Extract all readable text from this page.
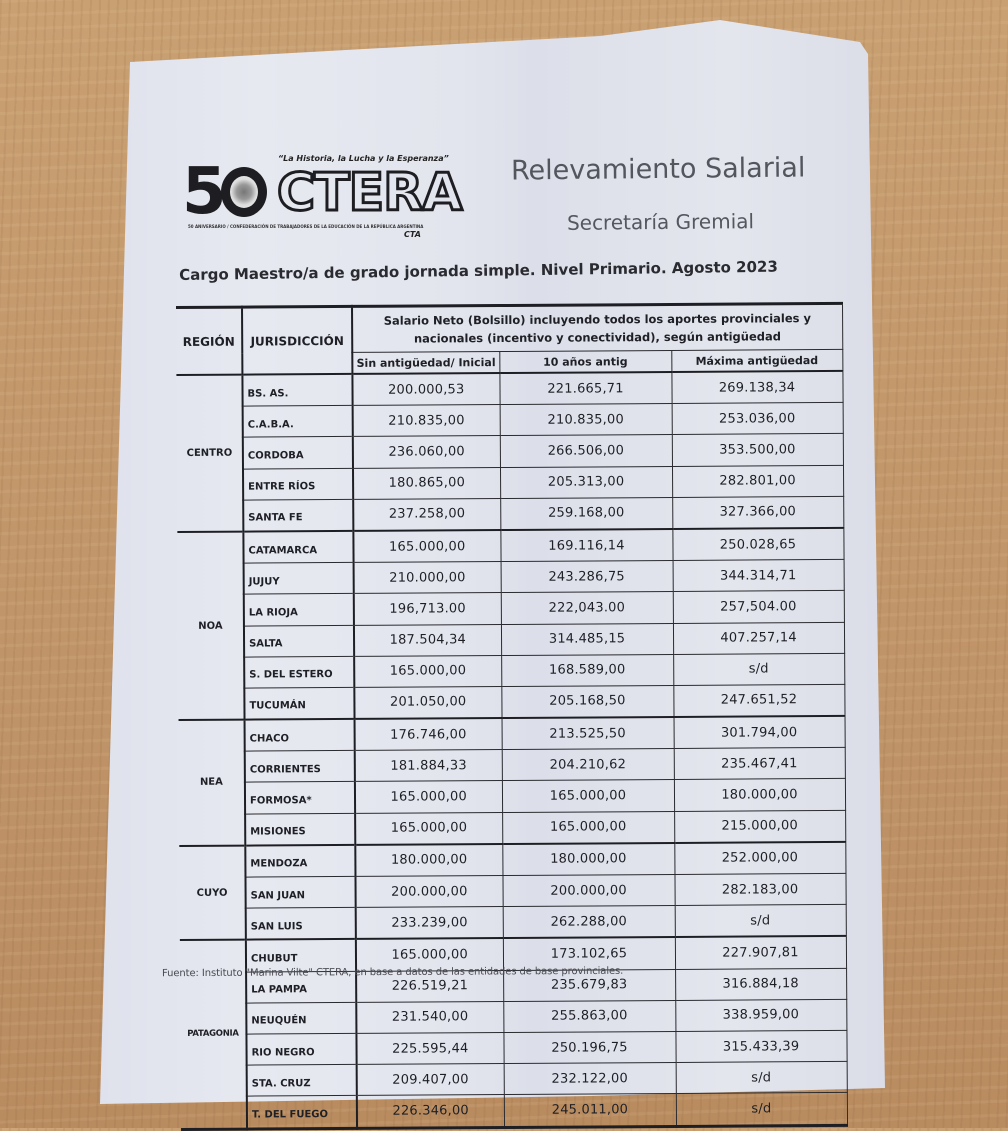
“La Historia, la Lucha y la Esperanza”
5	CTERA
50 ANIVERSARIO / CONFEDERACIÓN DE TRABAJADORES DE LA EDUCACIÓN DE LA REPÚBLICA ARGENTINA
CTA
Relevamiento Salarial
Secretaría Gremial
Cargo Maestro/a de grado jornada simple. Nivel Primario. Agosto 2023
REGIÓN	JURISDICCIÓN	Salario Neto (Bolsillo) incluyendo todos los aportes provinciales y nacionales (incentivo y conectividad), según antigüedad		
		Sin antigüedad/ Inicial	10 años antig	Máxima antigüedad
CENTRO	BS. AS.	200.000,53	221.665,71	269.138,34
	C.A.B.A.	210.835,00	210.835,00	253.036,00
	CORDOBA	236.060,00	266.506,00	353.500,00
	ENTRE RÍOS	180.865,00	205.313,00	282.801,00
	SANTA FE	237.258,00	259.168,00	327.366,00
NOA	CATAMARCA	165.000,00	169.116,14	250.028,65
	JUJUY	210.000,00	243.286,75	344.314,71
	LA RIOJA	196,713.00	222,043.00	257,504.00
	SALTA	187.504,34	314.485,15	407.257,14
	S. DEL ESTERO	165.000,00	168.589,00	s/d
	TUCUMÁN	201.050,00	205.168,50	247.651,52
NEA	CHACO	176.746,00	213.525,50	301.794,00
	CORRIENTES	181.884,33	204.210,62	235.467,41
	FORMOSA*	165.000,00	165.000,00	180.000,00
	MISIONES	165.000,00	165.000,00	215.000,00
CUYO	MENDOZA	180.000,00	180.000,00	252.000,00
	SAN JUAN	200.000,00	200.000,00	282.183,00
	SAN LUIS	233.239,00	262.288,00	s/d
PATAGONIA	CHUBUT	165.000,00	173.102,65	227.907,81
	LA PAMPA	226.519,21	235.679,83	316.884,18
	NEUQUÉN	231.540,00	255.863,00	338.959,00
	RIO NEGRO	225.595,44	250.196,75	315.433,39
	STA. CRUZ	209.407,00	232.122,00	s/d
	T. DEL FUEGO	226.346,00	245.011,00	s/d
Fuente: Instituto "Marina Vilte" CTERA, en base a datos de las entidades de base provinciales.
